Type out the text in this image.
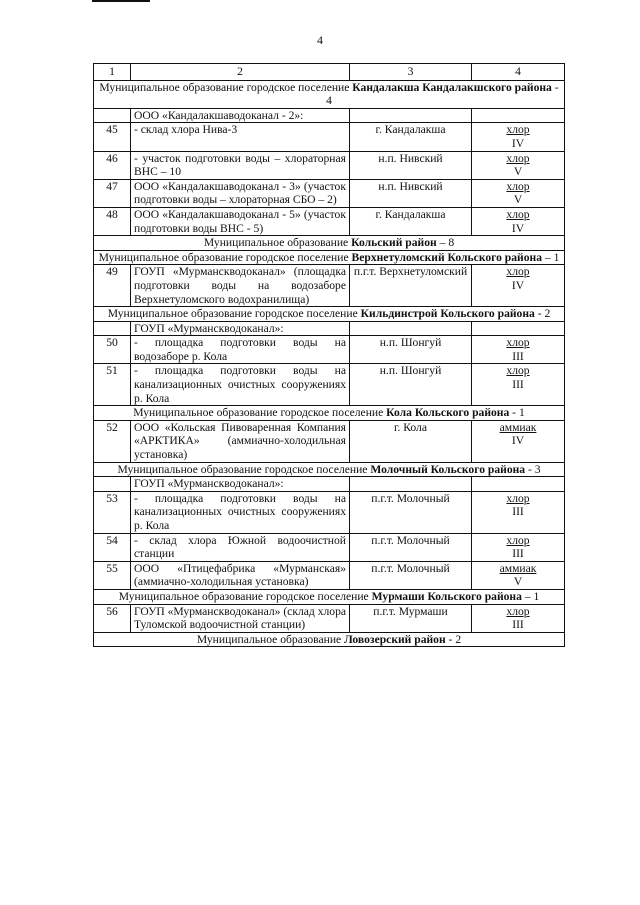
4
1	2	3	4
Муниципальное образование городское поселение Кандалакша Кандалакшского района - 4			
	ООО «Кандалакшаводоканал - 2»:		
45	- склад хлора Нива-3	г. Кандалакша	хлор
IV

46	- участок подготовки воды – хлораторная ВНС – 10	н.п. Нивский	хлор
V

47	ООО «Кандалакшаводоканал - 3» (участок подготовки воды – хлораторная СБО – 2)	н.п. Нивский	хлор
V

48	ООО «Кандалакшаводоканал - 5» (участок подготовки воды ВНС - 5)	г. Кандалакша	хлор
IV

Муниципальное образование Кольский район – 8			
Муниципальное образование городское поселение Верхнетуломский Кольского района – 1			
49	ГОУП «Мурманскводоканал» (площадка подготовки воды на водозаборе Верхнетуломского водохранилища)	п.г.т. Верхнетуломский	хлор
IV

Муниципальное образование городское поселение Кильдинстрой Кольского района - 2			
	ГОУП «Мурманскводоканал»:		
50	- площадка подготовки воды на водозаборе р. Кола	н.п. Шонгуй	хлор
III

51	- площадка подготовки воды на канализационных очистных сооружениях р. Кола	н.п. Шонгуй	хлор
III

Муниципальное образование городское поселение Кола Кольского района - 1			
52	ООО «Кольская Пивоваренная Компания «АРКТИКА» (аммиачно-холодильная установка)	г. Кола	аммиак
IV

Муниципальное образование городское поселение Молочный Кольского района - 3			
	ГОУП «Мурманскводоканал»:		
53	- площадка подготовки воды на канализационных очистных сооружениях р. Кола	п.г.т. Молочный	хлор
III

54	- склад хлора Южной водоочистной станции	п.г.т. Молочный	хлор
III

55	ООО «Птицефабрика «Мурманская» (аммиачно-холодильная установка)	п.г.т. Молочный	аммиак
V

Муниципальное образование городское поселение Мурмаши Кольского района – 1			
56	ГОУП «Мурманскводоканал» (склад хлора Туломской водоочистной станции)	п.г.т. Мурмаши	хлор
III

Муниципальное образование Ловозерский район - 2			
